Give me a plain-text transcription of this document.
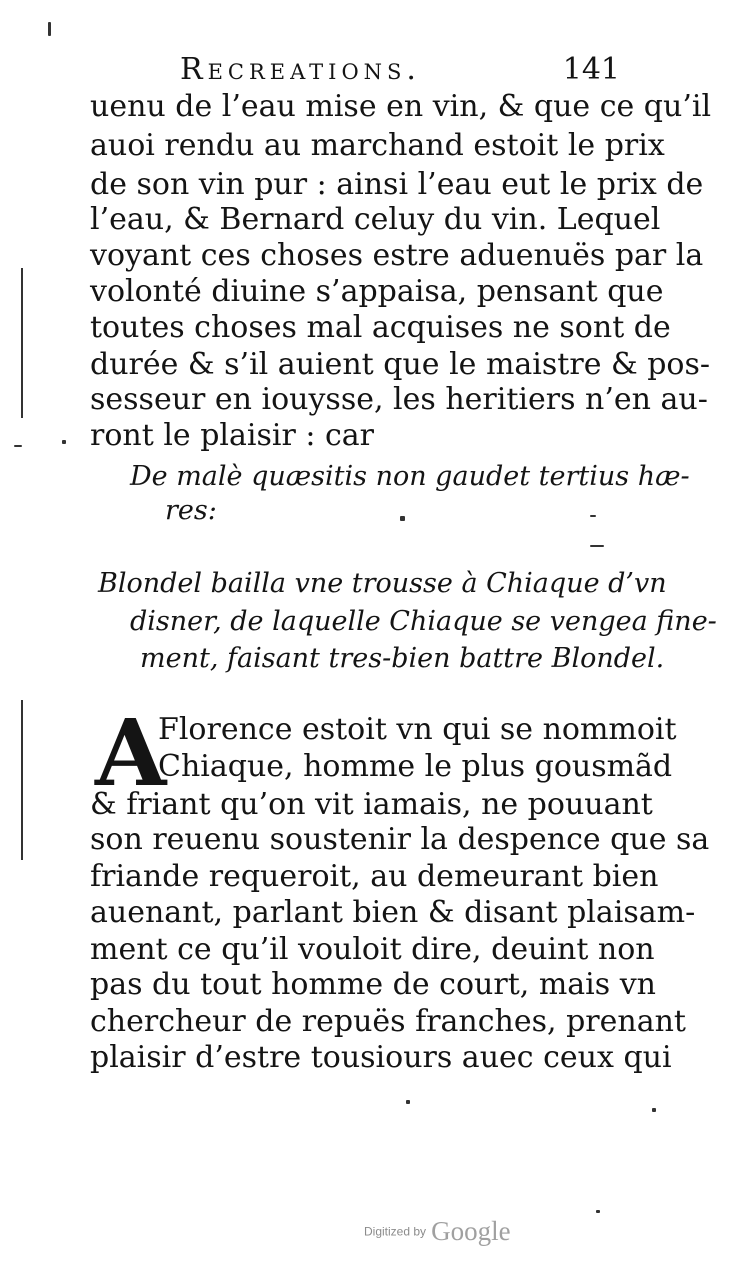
Recreations.	141
uenu de l’eau mise en vin, & que ce qu’il
auoi rendu au marchand estoit le prix
de son vin pur : ainsi l’eau eut le prix de
l’eau, & Bernard celuy du vin. Lequel
voyant ces choses estre aduenuës par la
volonté diuine s’appaisa, pensant que
toutes choses mal acquises ne sont de
durée & s’il auient que le maistre & pos-
sesseur en iouysse, les heritiers n’en au-
ront le plaisir : car
De malè quæsitis non gaudet tertius hæ-
res:
Blondel bailla vne trousse à Chiaque d’vn
disner, de laquelle Chiaque se vengea fine-
ment, faisant tres-bien battre Blondel.
A
Florence estoit vn qui se nommoit
Chiaque, homme le plus gousmãd
& friant qu’on vit iamais, ne pouuant
son reuenu soustenir la despence que sa
friande requeroit, au demeurant bien
auenant, parlant bien & disant plaisam-
ment ce qu’il vouloit dire, deuint non
pas du tout homme de court, mais vn
chercheur de repuës franches, prenant
plaisir d’estre tousiours auec ceux qui
Digitized by Google
